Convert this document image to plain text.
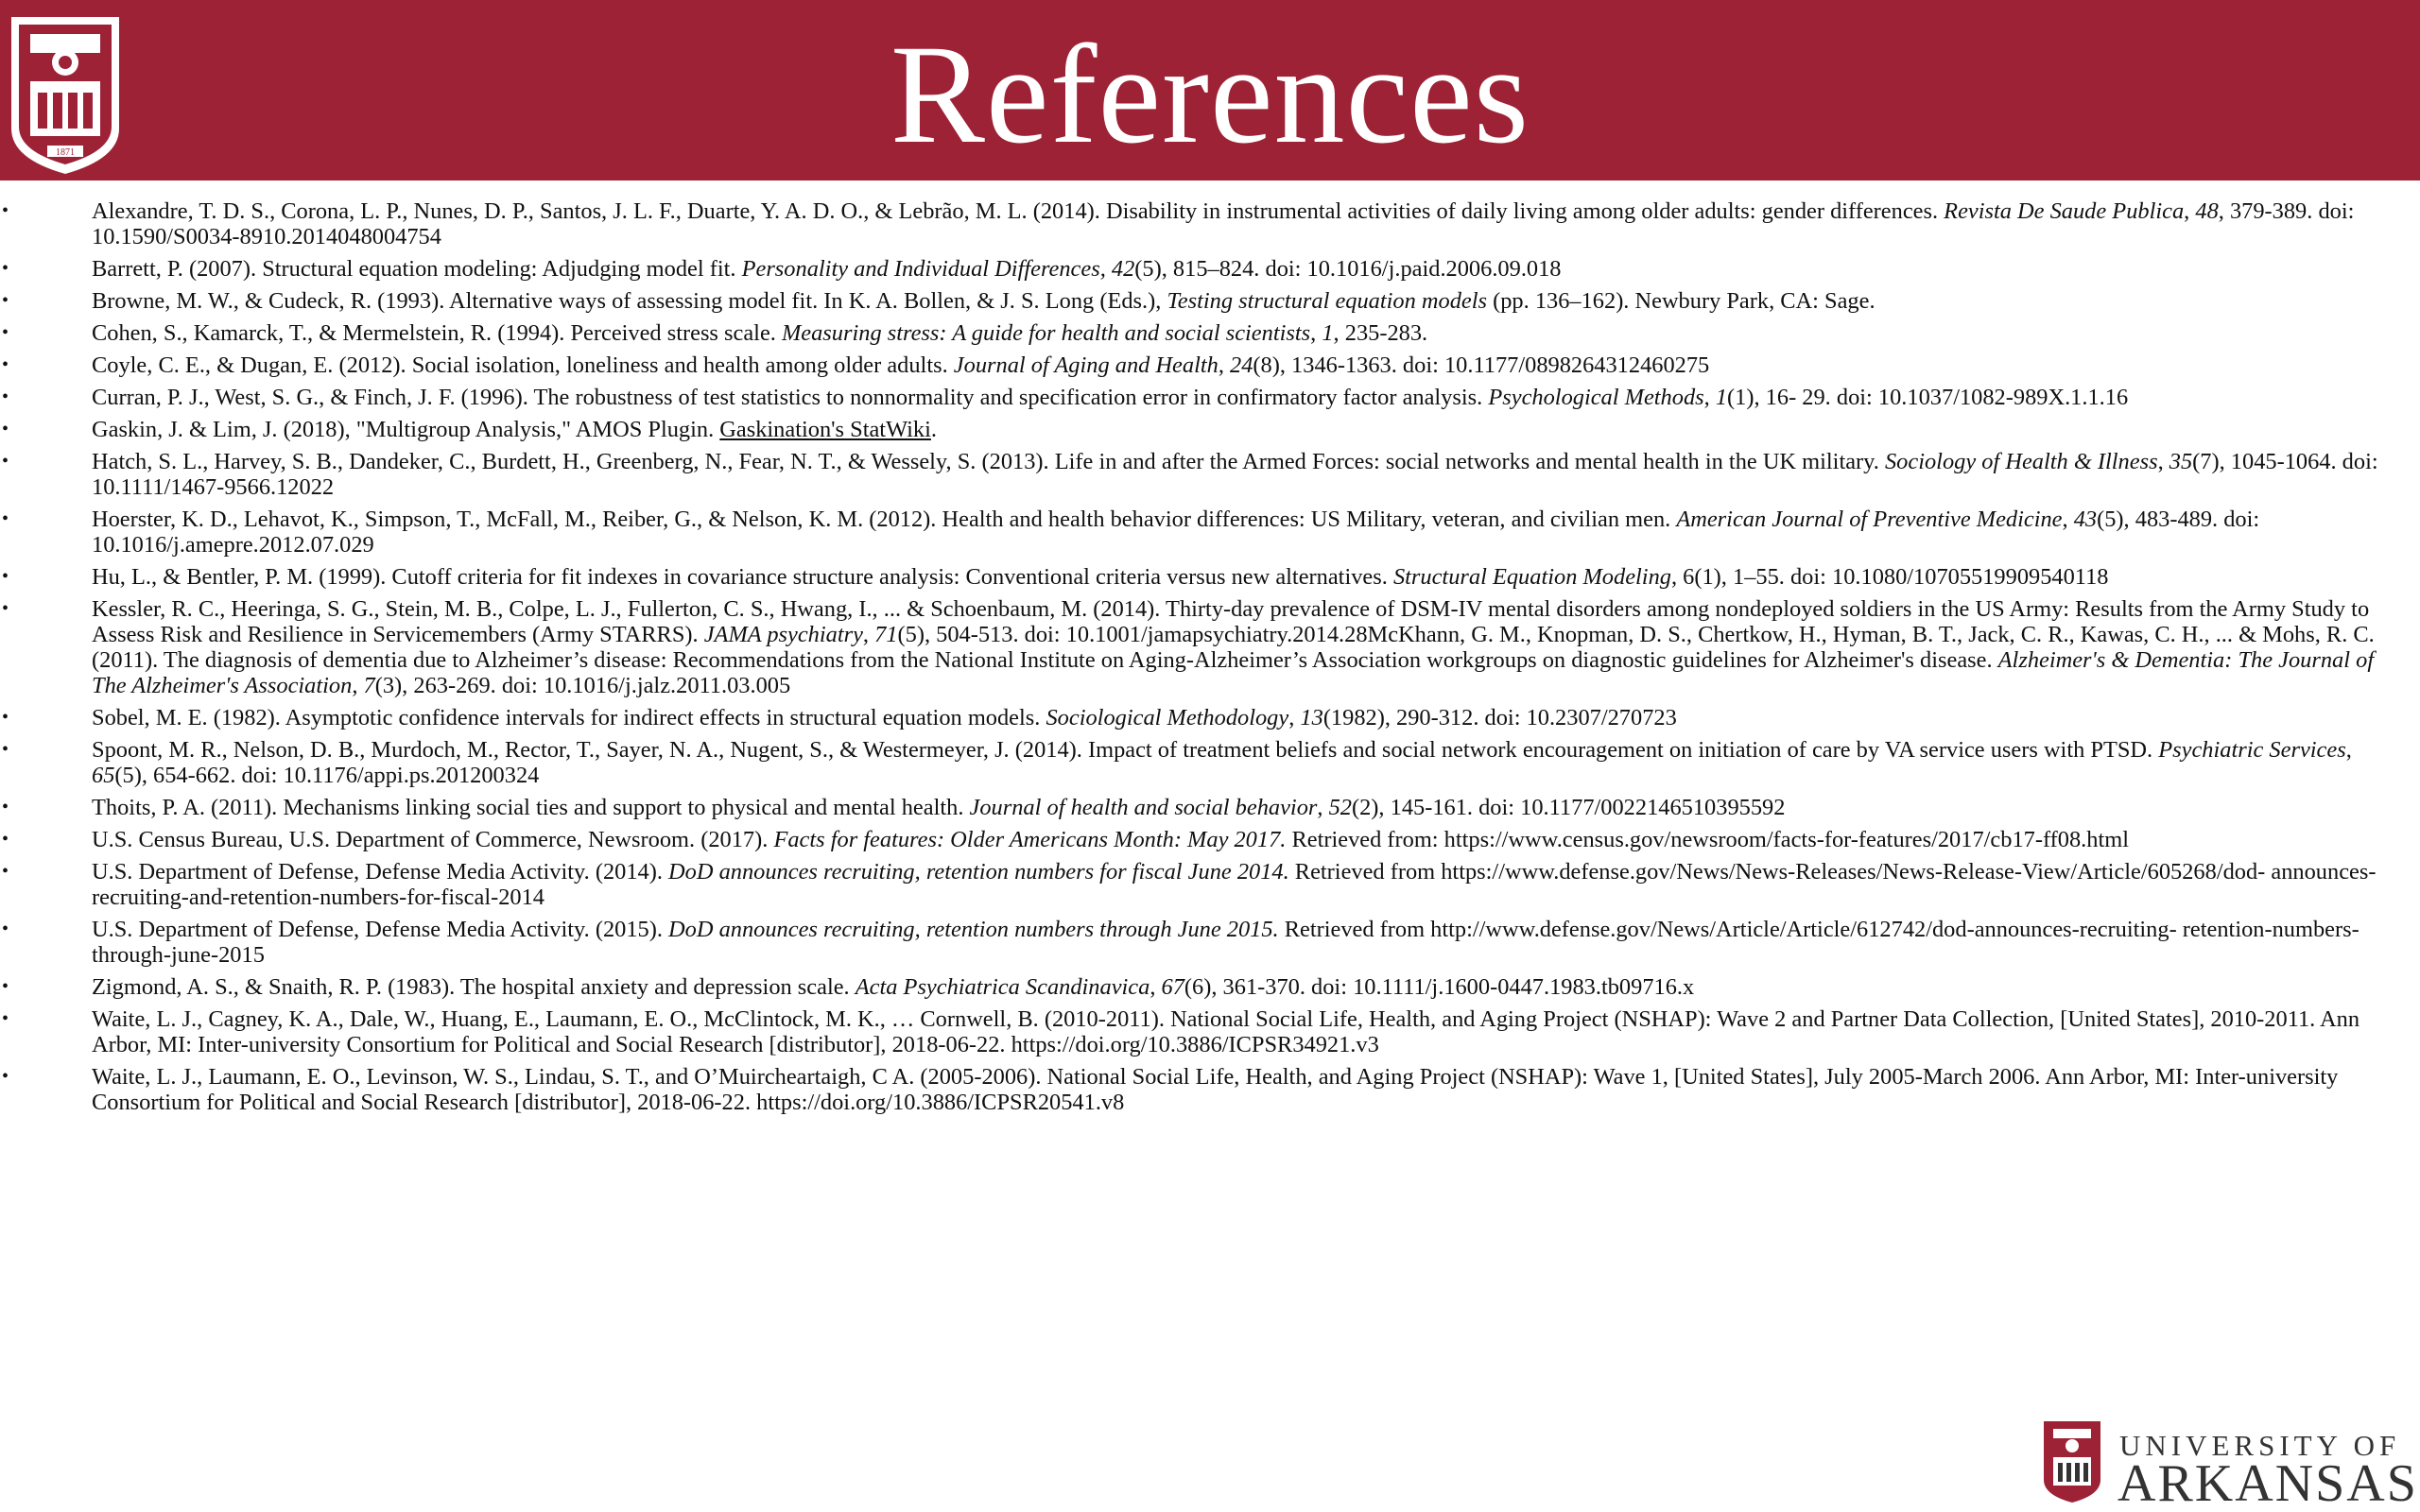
1871	References
• Alexandre, T. D. S., Corona, L. P., Nunes, D. P., Santos, J. L. F., Duarte, Y. A. D. O., & Lebrão, M. L. (2014). Disability in instrumental activities of daily living among older adults: gender differences. Revista De Saude Publica, 48, 379-389. doi: 10.1590/S0034-8910.2014048004754
• Barrett, P. (2007). Structural equation modeling: Adjudging model fit. Personality and Individual Differences, 42(5), 815–824. doi: 10.1016/j.paid.2006.09.018
• Browne, M. W., & Cudeck, R. (1993). Alternative ways of assessing model fit. In K. A. Bollen, & J. S. Long (Eds.), Testing structural equation models (pp. 136–162). Newbury Park, CA: Sage.
• Cohen, S., Kamarck, T., & Mermelstein, R. (1994). Perceived stress scale. Measuring stress: A guide for health and social scientists, 1, 235-283.
• Coyle, C. E., & Dugan, E. (2012). Social isolation, loneliness and health among older adults. Journal of Aging and Health, 24(8), 1346-1363. doi: 10.1177/0898264312460275
• Curran, P. J., West, S. G., & Finch, J. F. (1996). The robustness of test statistics to nonnormality and specification error in confirmatory factor analysis. Psychological Methods, 1(1), 16- 29. doi: 10.1037/1082-989X.1.1.16
• Gaskin, J. & Lim, J. (2018), "Multigroup Analysis," AMOS Plugin. Gaskination's StatWiki.
• Hatch, S. L., Harvey, S. B., Dandeker, C., Burdett, H., Greenberg, N., Fear, N. T., & Wessely, S. (2013). Life in and after the Armed Forces: social networks and mental health in the UK military. Sociology of Health & Illness, 35(7), 1045-1064. doi: 10.1111/1467-9566.12022
• Hoerster, K. D., Lehavot, K., Simpson, T., McFall, M., Reiber, G., & Nelson, K. M. (2012). Health and health behavior differences: US Military, veteran, and civilian men. American Journal of Preventive Medicine, 43(5), 483-489. doi: 10.1016/j.amepre.2012.07.029
• Hu, L., & Bentler, P. M. (1999). Cutoff criteria for fit indexes in covariance structure analysis: Conventional criteria versus new alternatives. Structural Equation Modeling, 6(1), 1–55. doi: 10.1080/10705519909540118
• Kessler, R. C., Heeringa, S. G., Stein, M. B., Colpe, L. J., Fullerton, C. S., Hwang, I., ... & Schoenbaum, M. (2014). Thirty-day prevalence of DSM-IV mental disorders among nondeployed soldiers in the US Army: Results from the Army Study to Assess Risk and Resilience in Servicemembers (Army STARRS). JAMA psychiatry, 71(5), 504-513. doi: 10.1001/jamapsychiatry.2014.28McKhann, G. M., Knopman, D. S., Chertkow, H., Hyman, B. T., Jack, C. R., Kawas, C. H., ... & Mohs, R. C. (2011). The diagnosis of dementia due to Alzheimer’s disease: Recommendations from the National Institute on Aging-Alzheimer’s Association workgroups on diagnostic guidelines for Alzheimer's disease. Alzheimer's & Dementia: The Journal of The Alzheimer's Association, 7(3), 263-269. doi: 10.1016/j.jalz.2011.03.005
• Sobel, M. E. (1982). Asymptotic confidence intervals for indirect effects in structural equation models. Sociological Methodology, 13(1982), 290-312. doi: 10.2307/270723
• Spoont, M. R., Nelson, D. B., Murdoch, M., Rector, T., Sayer, N. A., Nugent, S., & Westermeyer, J. (2014). Impact of treatment beliefs and social network encouragement on initiation of care by VA service users with PTSD. Psychiatric Services, 65(5), 654-662. doi: 10.1176/appi.ps.201200324
• Thoits, P. A. (2011). Mechanisms linking social ties and support to physical and mental health. Journal of health and social behavior, 52(2), 145-161. doi: 10.1177/0022146510395592
• U.S. Census Bureau, U.S. Department of Commerce, Newsroom. (2017). Facts for features: Older Americans Month: May 2017. Retrieved from: https://www.census.gov/newsroom/facts-for-features/2017/cb17-ff08.html
• U.S. Department of Defense, Defense Media Activity. (2014). DoD announces recruiting, retention numbers for fiscal June 2014. Retrieved from https://www.defense.gov/News/News-Releases/News-Release-View/Article/605268/dod- announces-recruiting-and-retention-numbers-for-fiscal-2014
• U.S. Department of Defense, Defense Media Activity. (2015). DoD announces recruiting, retention numbers through June 2015. Retrieved from http://www.defense.gov/News/Article/Article/612742/dod-announces-recruiting- retention-numbers-through-june-2015
• Zigmond, A. S., & Snaith, R. P. (1983). The hospital anxiety and depression scale. Acta Psychiatrica Scandinavica, 67(6), 361-370. doi: 10.1111/j.1600-0447.1983.tb09716.x
• Waite, L. J., Cagney, K. A., Dale, W., Huang, E., Laumann, E. O., McClintock, M. K., … Cornwell, B. (2010-2011). National Social Life, Health, and Aging Project (NSHAP): Wave 2 and Partner Data Collection, [United States], 2010-2011. Ann Arbor, MI: Inter-university Consortium for Political and Social Research [distributor], 2018-06-22. https://doi.org/10.3886/ICPSR34921.v3
• Waite, L. J., Laumann, E. O., Levinson, W. S., Lindau, S. T., and O’Muircheartaigh, C A. (2005-2006). National Social Life, Health, and Aging Project (NSHAP): Wave 1, [United States], July 2005-March 2006. Ann Arbor, MI: Inter-university Consortium for Political and Social Research [distributor], 2018-06-22. https://doi.org/10.3886/ICPSR20541.v8
UNIVERSITY OF
ARKANSAS
